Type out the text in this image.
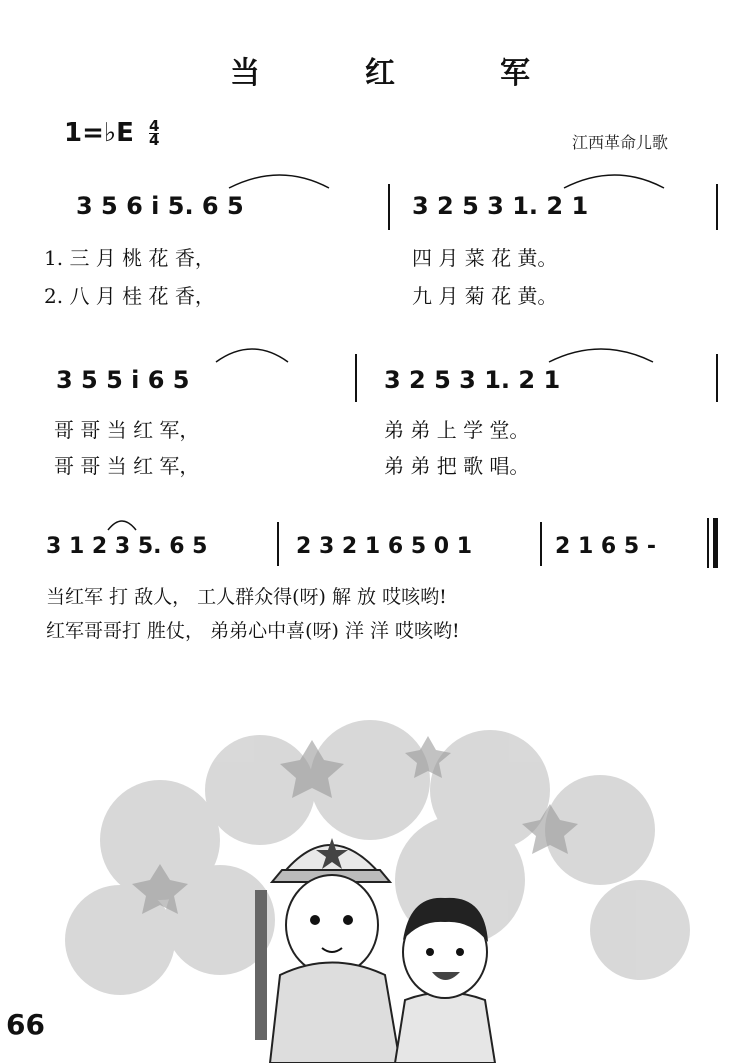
当	红	军
1=♭E $\frac{4}{4}$	江西革命儿歌
3 5 6 i 5. 6 5	3 2 5 3 1. 2 1
1. 三 月 桃 花 香，	四 月 菜 花 黄。
2. 八 月 桂 花 香，	九 月 菊 花 黄。
3 5 5 i 6 5	3 2 5 3 1. 2 1
哥 哥 当 红 军，	弟 弟 上 学 堂。
哥 哥 当 红 军，	弟 弟 把 歌 唱。
3 1 2 3 5. 6 5	2 3 2 1 6 5 0 1	2 1 6 5 -
当红军 打 敌人， 工人群众得(呀) 解 放 哎咳哟!
红军哥哥打 胜仗， 弟弟心中喜(呀) 洋 洋 哎咳哟!
66
